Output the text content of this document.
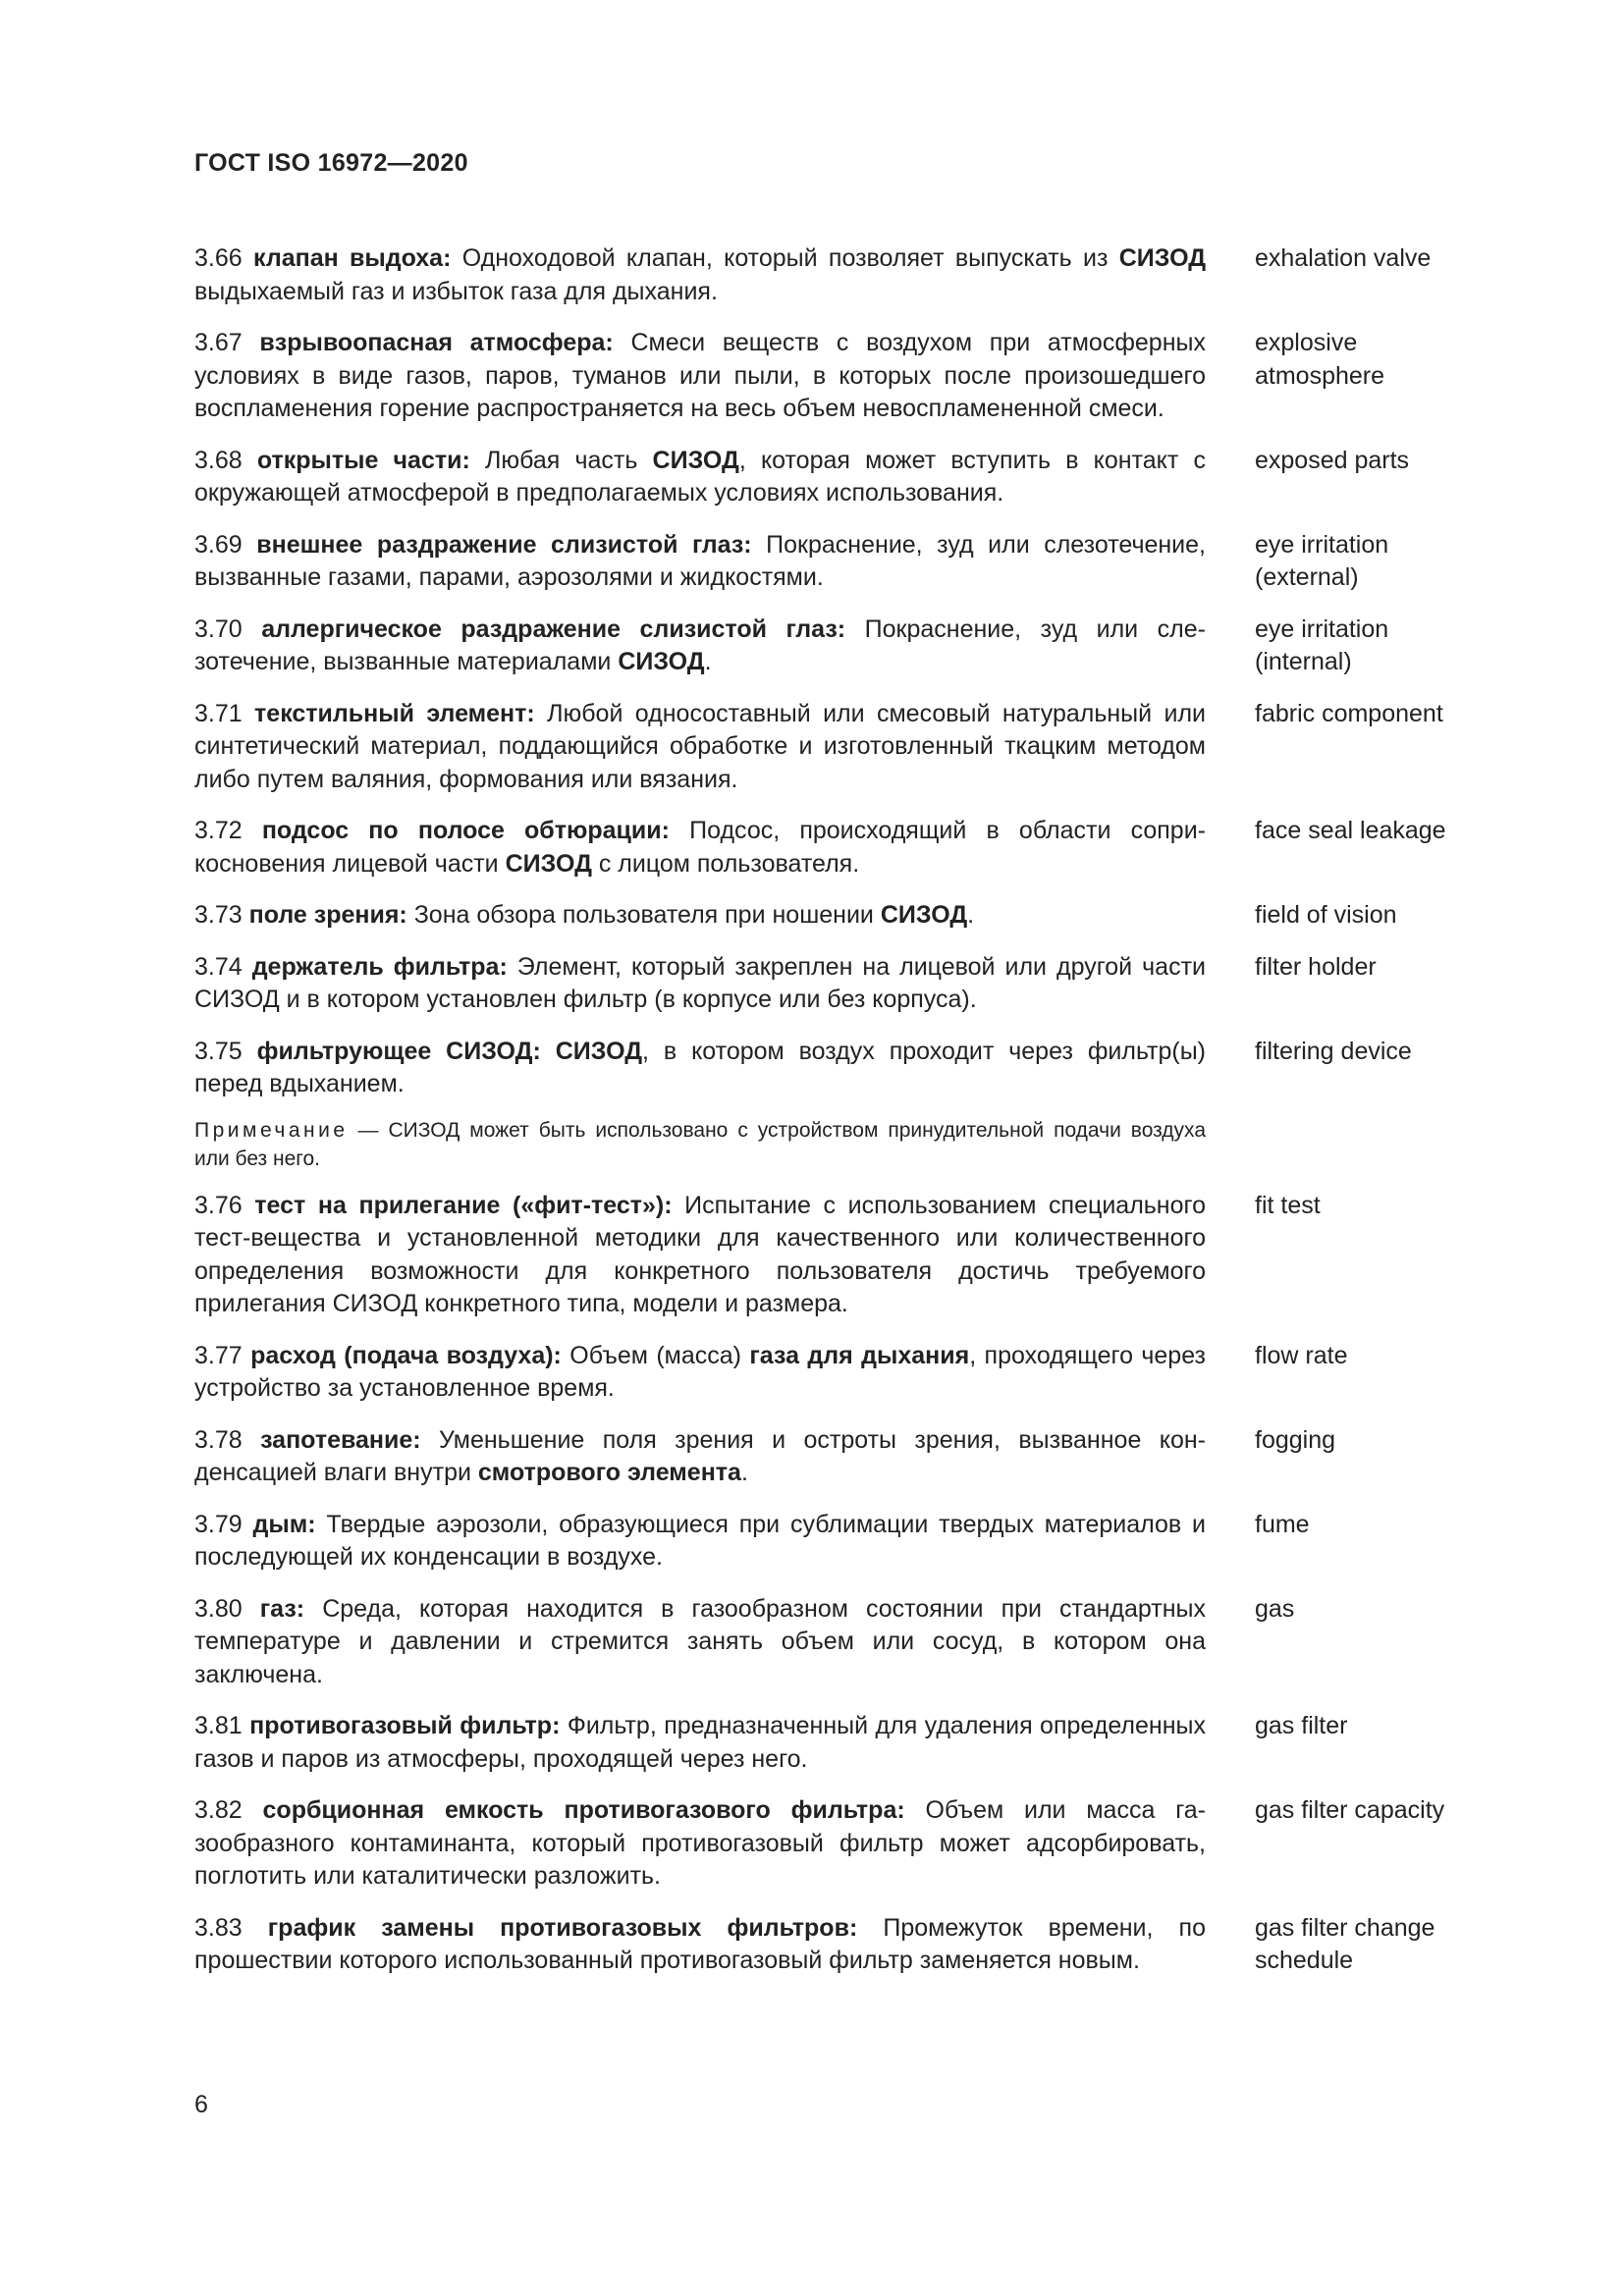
ГОСТ ISO 16972—2020
3.66 клапан выдоха: Одноходовой клапан, который позволяет выпускать из СИЗОД выдыхаемый газ и избыток газа для дыхания.
exhalation valve
3.67 взрывоопасная атмосфера: Смеси веществ с воздухом при атмосферных условиях в виде газов, паров, туманов или пыли, в которых после произошедшего воспламенения горение распространяется на весь объем невоспламененной смеси.
explosive
atmosphere
3.68 открытые части: Любая часть СИЗОД, которая может вступить в контакт с окружающей атмосферой в предполагаемых условиях использования.
exposed parts
3.69 внешнее раздражение слизистой глаз: Покраснение, зуд или слезотечение, вызванные газами, парами, аэрозолями и жидкостями.
eye irritation
(external)
3.70 аллергическое раздражение слизистой глаз: Покраснение, зуд или слезотечение, вызванные материалами СИЗОД.
eye irritation
(internal)
3.71 текстильный элемент: Любой односоставный или смесовый натуральный или синтетический материал, поддающийся обработке и изготовленный ткацким методом либо путем валяния, формования или вязания.
fabric component
3.72 подсос по полосе обтюрации: Подсос, происходящий в области соприкосновения лицевой части СИЗОД с лицом пользователя.
face seal leakage
3.73 поле зрения: Зона обзора пользователя при ношении СИЗОД.	field of vision
3.74 держатель фильтра: Элемент, который закреплен на лицевой или другой части СИЗОД и в котором установлен фильтр (в корпусе или без корпуса).
filter holder
3.75 фильтрующее СИЗОД: СИЗОД, в котором воздух проходит через фильтр(ы) перед вдыханием.
filtering device
Примечание — СИЗОД может быть использовано с устройством принудительной подачи воздуха или без него.
3.76 тест на прилегание («фит-тест»): Испытание с использованием специального тест-вещества и установленной методики для качественного или количественного определения возможности для конкретного пользователя достичь требуемого прилегания СИЗОД конкретного типа, модели и размера.
fit test
3.77 расход (подача воздуха): Объем (масса) газа для дыхания, проходящего через устройство за установленное время.
flow rate
3.78 запотевание: Уменьшение поля зрения и остроты зрения, вызванное конденсацией влаги внутри смотрового элемента.
fogging
3.79 дым: Твердые аэрозоли, образующиеся при сублимации твердых материалов и последующей их конденсации в воздухе.
fume
3.80 газ: Среда, которая находится в газообразном состоянии при стандартных температуре и давлении и стремится занять объем или сосуд, в котором она заключена.
gas
3.81 противогазовый фильтр: Фильтр, предназначенный для удаления определенных газов и паров из атмосферы, проходящей через него.
gas filter
3.82 сорбционная емкость противогазового фильтра: Объем или масса газообразного контаминанта, который противогазовый фильтр может адсорбировать, поглотить или каталитически разложить.
gas filter capacity
3.83 график замены противогазовых фильтров: Промежуток времени, по прошествии которого использованный противогазовый фильтр заменяется новым.
gas filter change
schedule
6
